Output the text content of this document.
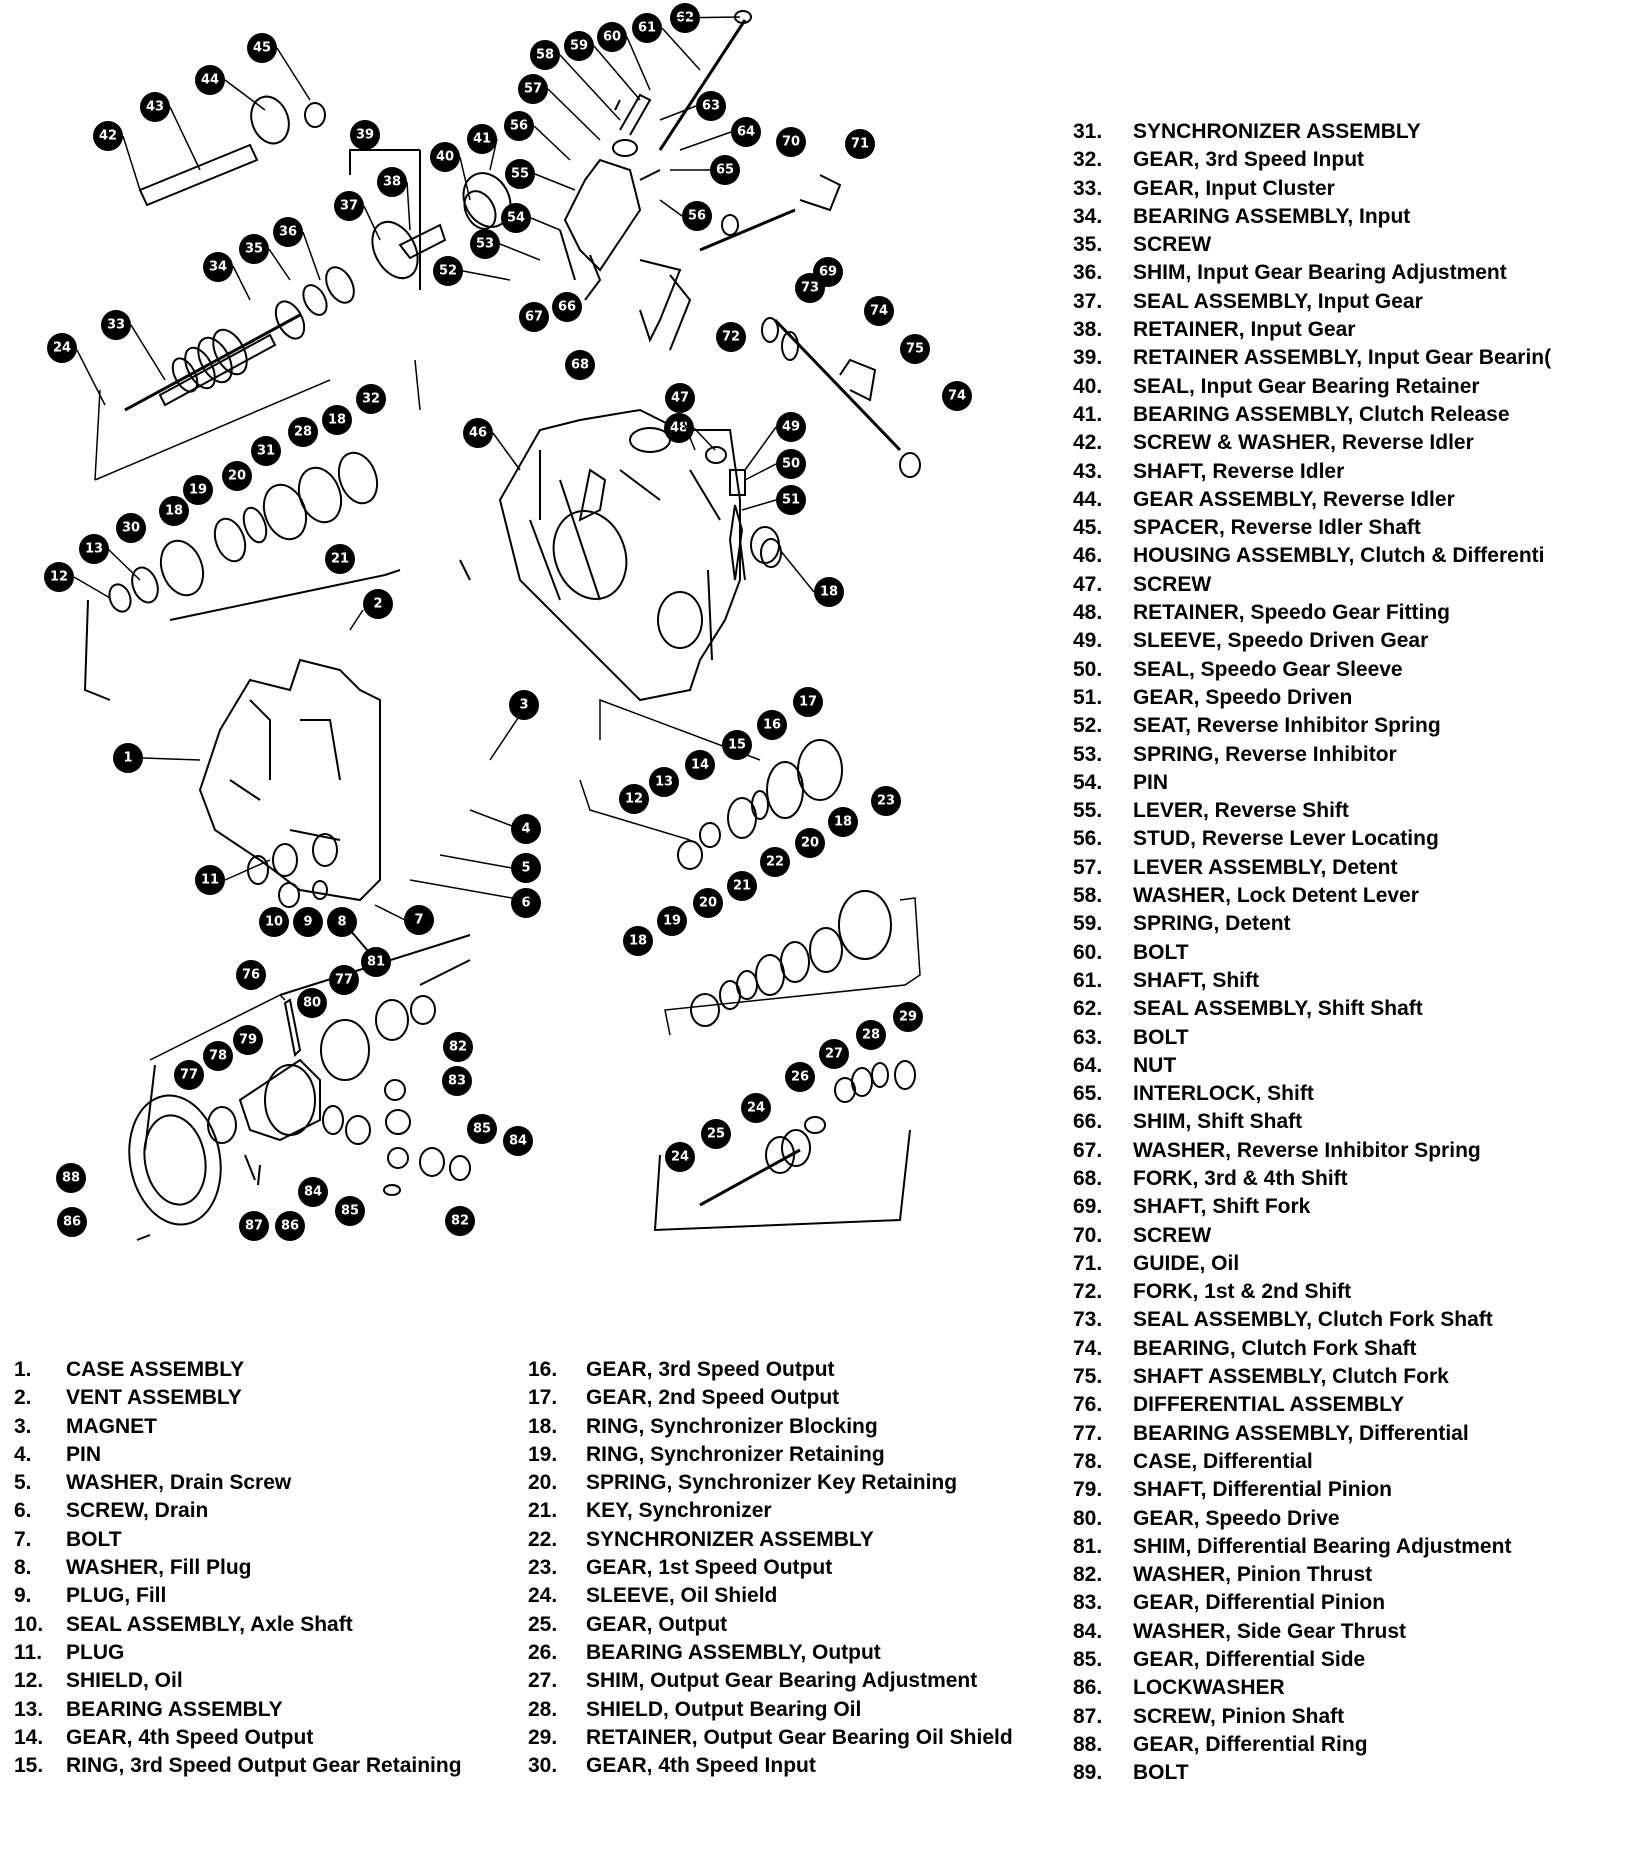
1
2
3
4
5
6
7
8
9
10
11
12
13
30
18
19
20
31
28
18
32
21
24
33
34
35
36
37
38
39
40
41
42
43
44
45
46
47
48	49
50
51
18
52
53
54
55
56
57
58
59
60
61
62
63
64
65
56
66
67
68
69
70	71
72
73
74
75
74
12
13
14
15
16
17
23
18
20
22
21
20
19
18
29
28
27
26
24
25
24
76
77
78
79
80
77
81
82
83
85
84
82
85
84
86
87
88
86
1.	CASE ASSEMBLY
2.	VENT ASSEMBLY
3.	MAGNET
4.	PIN
5.	WASHER, Drain Screw
6.	SCREW, Drain
7.	BOLT
8.	WASHER, Fill Plug
9.	PLUG, Fill
10.	SEAL ASSEMBLY, Axle Shaft
11.	PLUG
12.	SHIELD, Oil
13.	BEARING ASSEMBLY
14.	GEAR, 4th Speed Output
15.	RING, 3rd Speed Output Gear Retaining
16.	GEAR, 3rd Speed Output
17.	GEAR, 2nd Speed Output
18.	RING, Synchronizer Blocking
19.	RING, Synchronizer Retaining
20.	SPRING, Synchronizer Key Retaining
21.	KEY, Synchronizer
22.	SYNCHRONIZER ASSEMBLY
23.	GEAR, 1st Speed Output
24.	SLEEVE, Oil Shield
25.	GEAR, Output
26.	BEARING ASSEMBLY, Output
27.	SHIM, Output Gear Bearing Adjustment
28.	SHIELD, Output Bearing Oil
29.	RETAINER, Output Gear Bearing Oil Shield
30.	GEAR, 4th Speed Input
31.	SYNCHRONIZER ASSEMBLY
32.	GEAR, 3rd Speed Input
33.	GEAR, Input Cluster
34.	BEARING ASSEMBLY, Input
35.	SCREW
36.	SHIM, Input Gear Bearing Adjustment
37.	SEAL ASSEMBLY, Input Gear
38.	RETAINER, Input Gear
39.	RETAINER ASSEMBLY, Input Gear Bearin(
40.	SEAL, Input Gear Bearing Retainer
41.	BEARING ASSEMBLY, Clutch Release
42.	SCREW & WASHER, Reverse Idler
43.	SHAFT, Reverse Idler
44.	GEAR ASSEMBLY, Reverse Idler
45.	SPACER, Reverse Idler Shaft
46.	HOUSING ASSEMBLY, Clutch & Differenti
47.	SCREW
48.	RETAINER, Speedo Gear Fitting
49.	SLEEVE, Speedo Driven Gear
50.	SEAL, Speedo Gear Sleeve
51.	GEAR, Speedo Driven
52.	SEAT, Reverse Inhibitor Spring
53.	SPRING, Reverse Inhibitor
54.	PIN
55.	LEVER, Reverse Shift
56.	STUD, Reverse Lever Locating
57.	LEVER ASSEMBLY, Detent
58.	WASHER, Lock Detent Lever
59.	SPRING, Detent
60.	BOLT
61.	SHAFT, Shift
62.	SEAL ASSEMBLY, Shift Shaft
63.	BOLT
64.	NUT
65.	INTERLOCK, Shift
66.	SHIM, Shift Shaft
67.	WASHER, Reverse Inhibitor Spring
68.	FORK, 3rd & 4th Shift
69.	SHAFT, Shift Fork
70.	SCREW
71.	GUIDE, Oil
72.	FORK, 1st & 2nd Shift
73.	SEAL ASSEMBLY, Clutch Fork Shaft
74.	BEARING, Clutch Fork Shaft
75.	SHAFT ASSEMBLY, Clutch Fork
76.	DIFFERENTIAL ASSEMBLY
77.	BEARING ASSEMBLY, Differential
78.	CASE, Differential
79.	SHAFT, Differential Pinion
80.	GEAR, Speedo Drive
81.	SHIM, Differential Bearing Adjustment
82.	WASHER, Pinion Thrust
83.	GEAR, Differential Pinion
84.	WASHER, Side Gear Thrust
85.	GEAR, Differential Side
86.	LOCKWASHER
87.	SCREW, Pinion Shaft
88.	GEAR, Differential Ring
89.	BOLT
